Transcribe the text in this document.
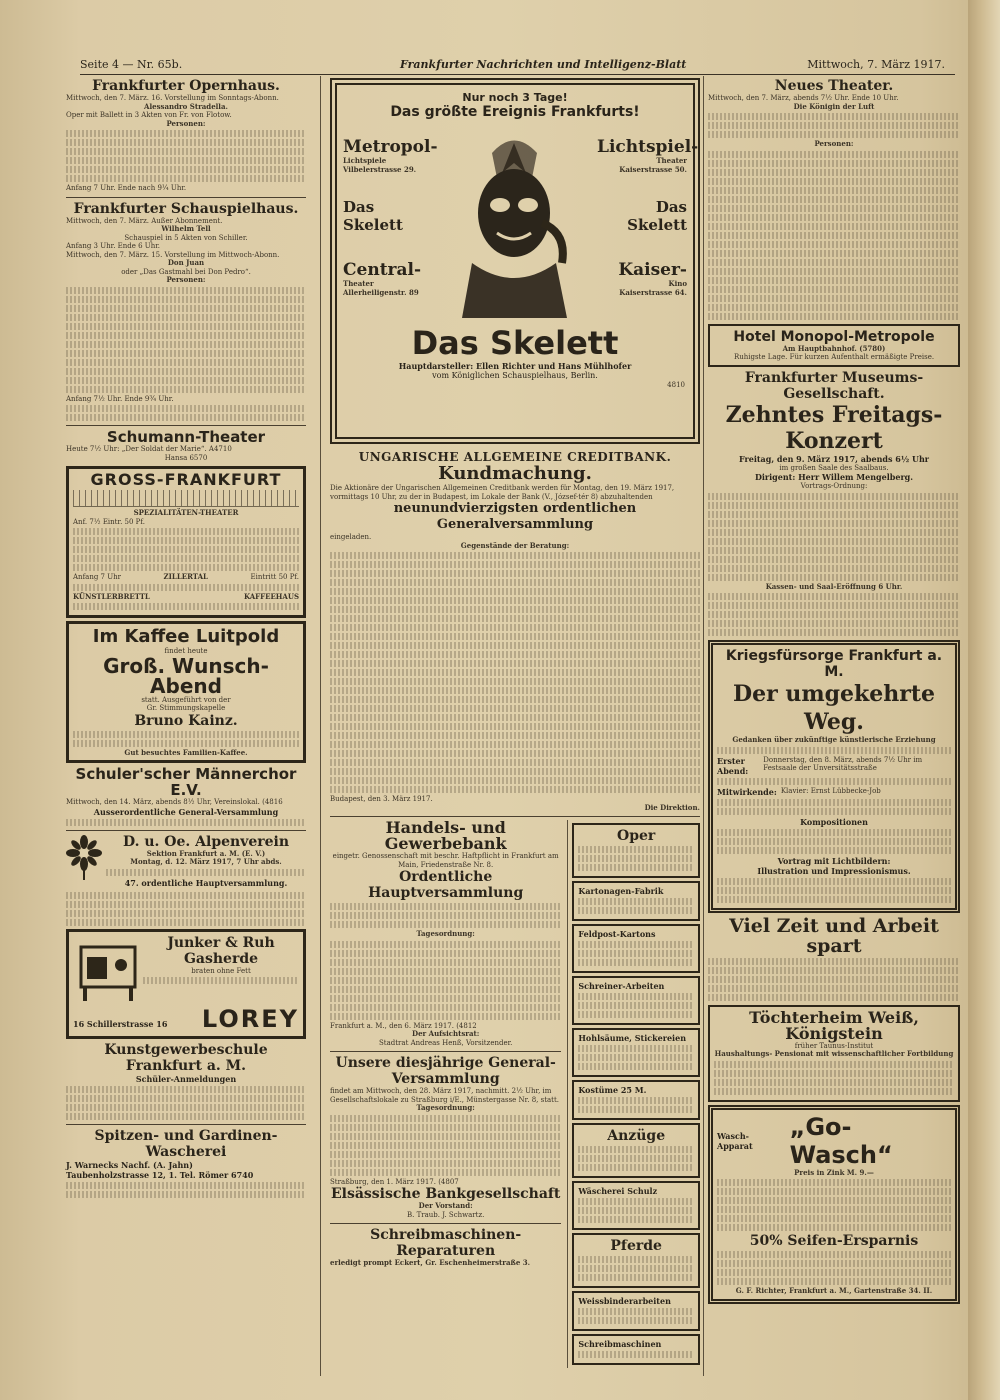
Seite 4 — Nr. 65b.	Frankfurter Nachrichten und Intelligenz-Blatt	Mittwoch, 7. März 1917.
Frankfurter Opernhaus.
Mittwoch, den 7. März. 16. Vorstellung im Sonntags-Abonn.
Alessandro Stradella.
Oper mit Ballett in 3 Akten von Fr. von Flotow.
Personen:
Anfang 7 Uhr. Ende nach 9¼ Uhr.
Frankfurter Schauspielhaus.
Mittwoch, den 7. März. Außer Abonnement.
Wilhelm Tell
Schauspiel in 5 Akten von Schiller.
Anfang 3 Uhr. Ende 6 Uhr.
Mittwoch, den 7. März. 15. Vorstellung im Mittwoch-Abonn.
Don Juan
oder „Das Gastmahl bei Don Pedro“.
Personen:
Anfang 7½ Uhr. Ende 9¾ Uhr.
Schumann-Theater
Heute 7½ Uhr: „Der Soldat der Marie“. A4710
Hansa 6570
GROSS-FRANKFURT
SPEZIALITÄTEN-THEATER
Anf. 7½ Eintr. 50 Pf.
Anfang 7 Uhr	ZILLERTAL	Eintritt 50 Pf.
KÜNSTLERBRETTL	KAFFEEHAUS
Im Kaffee Luitpold
findet heute
Groß. Wunsch-Abend
statt. Ausgeführt von der
Gr. Stimmungskapelle
Bruno Kainz.
Gut besuchtes Familien-Kaffee.
Schuler'scher Männerchor E.V.
Mittwoch, den 14. März, abends 8½ Uhr, Vereinslokal. (4816
Ausserordentliche General-Versammlung
D. u. Oe. Alpenverein
Sektion Frankfurt a. M. (E. V.)
Montag, d. 12. März 1917, 7 Uhr abds.
47. ordentliche Hauptversammlung.
Junker & Ruh
Gasherde
braten ohne Fett
16 Schillerstrasse 16 LOREY
Kunstgewerbeschule Frankfurt a. M.
Schüler-Anmeldungen
Spitzen- und Gardinen-Wascherei
J. Warnecks Nachf. (A. Jahn)
Taubenholzstrasse 12, 1. Tel. Römer 6740
Nur noch 3 Tage!
Das größte Ereignis Frankfurts!
Metropol-
Lichtspiele
Vilbelerstrasse 29.
Das Skelett
Central-
Theater
Allerheiligenstr. 89
Lichtspiel-
Theater
Kaiserstrasse 50.
Das Skelett
Kaiser-
Kino
Kaiserstrasse 64.
Das Skelett
Hauptdarsteller: Ellen Richter und Hans Mühlhofer
vom Königlichen Schauspielhaus, Berlin.
4810
UNGARISCHE ALLGEMEINE CREDITBANK.
Kundmachung.
Die Aktionäre der Ungarischen Allgemeinen Creditbank werden für Montag, den 19. März 1917, vormittags 10 Uhr, zu der in Budapest, im Lokale der Bank (V., József-tér 8) abzuhaltenden
neunundvierzigsten ordentlichen Generalversammlung
eingeladen.
Gegenstände der Beratung:
Budapest, den 3. März 1917.
Die Direktion.
Handels- und Gewerbebank
eingetr. Genossenschaft mit beschr. Haftpflicht in Frankfurt am Main, Friedenstraße Nr. 8.
Ordentliche Hauptversammlung
Tagesordnung:
Frankfurt a. M., den 6. März 1917. (4812
Der Aufsichtsrat:
Stadtrat Andreas Henß, Vorsitzender.
Unsere diesjährige General-Versammlung
findet am Mittwoch, den 28. März 1917, nachmitt. 2½ Uhr, im Gesellschaftslokale zu Straßburg i/E., Münstergasse Nr. 8, statt.
Tagesordnung:
Straßburg, den 1. März 1917. (4807
Elsässische Bankgesellschaft
Der Vorstand:
B. Traub. J. Schwartz.
Schreibmaschinen-Reparaturen
erledigt prompt Eckert, Gr. Eschenheimerstraße 3.
Oper
Kartonagen-Fabrik
Feldpost-Kartons
Schreiner-Arbeiten
Hohlsäume, Stickereien
Kostüme 25 M.
Anzüge
Wäscherei Schulz
Pferde
Weissbinderarbeiten
Schreibmaschinen
Neues Theater.
Mittwoch, den 7. März, abends 7½ Uhr. Ende 10 Uhr.
Die Königin der Luft
Personen:
Hotel Monopol-Metropole
Am Hauptbahnhof. (5780)
Ruhigste Lage. Für kurzen Aufenthalt ermäßigte Preise.
Frankfurter Museums-Gesellschaft.
Zehntes Freitags-Konzert
Freitag, den 9. März 1917, abends 6½ Uhr
im großen Saale des Saalbaus.
Dirigent: Herr Willem Mengelberg.
Vortrags-Ordnung:
Kassen- und Saal-Eröffnung 6 Uhr.
Kriegsfürsorge Frankfurt a. M.
Der umgekehrte Weg.
Gedanken über zukünftige künstlerische Erziehung
Erster Abend:
Donnerstag, den 8. März, abends 7½ Uhr im Festsaale der Unversitätsstraße
Mitwirkende: Klavier: Ernst Lübbecke-Job
Kompositionen
Vortrag mit Lichtbildern:
Illustration und Impressionismus.
Viel Zeit und Arbeit spart
Töchterheim Weiß, Königstein
früher Taunus-Institut
Haushaltungs- Pensionat mit wissenschaftlicher Fortbildung
Wasch-Apparat
„Go-Wasch“
Preis in Zink M. 9.—
50% Seifen-Ersparnis
G. F. Richter, Frankfurt a. M., Gartenstraße 34. II.
